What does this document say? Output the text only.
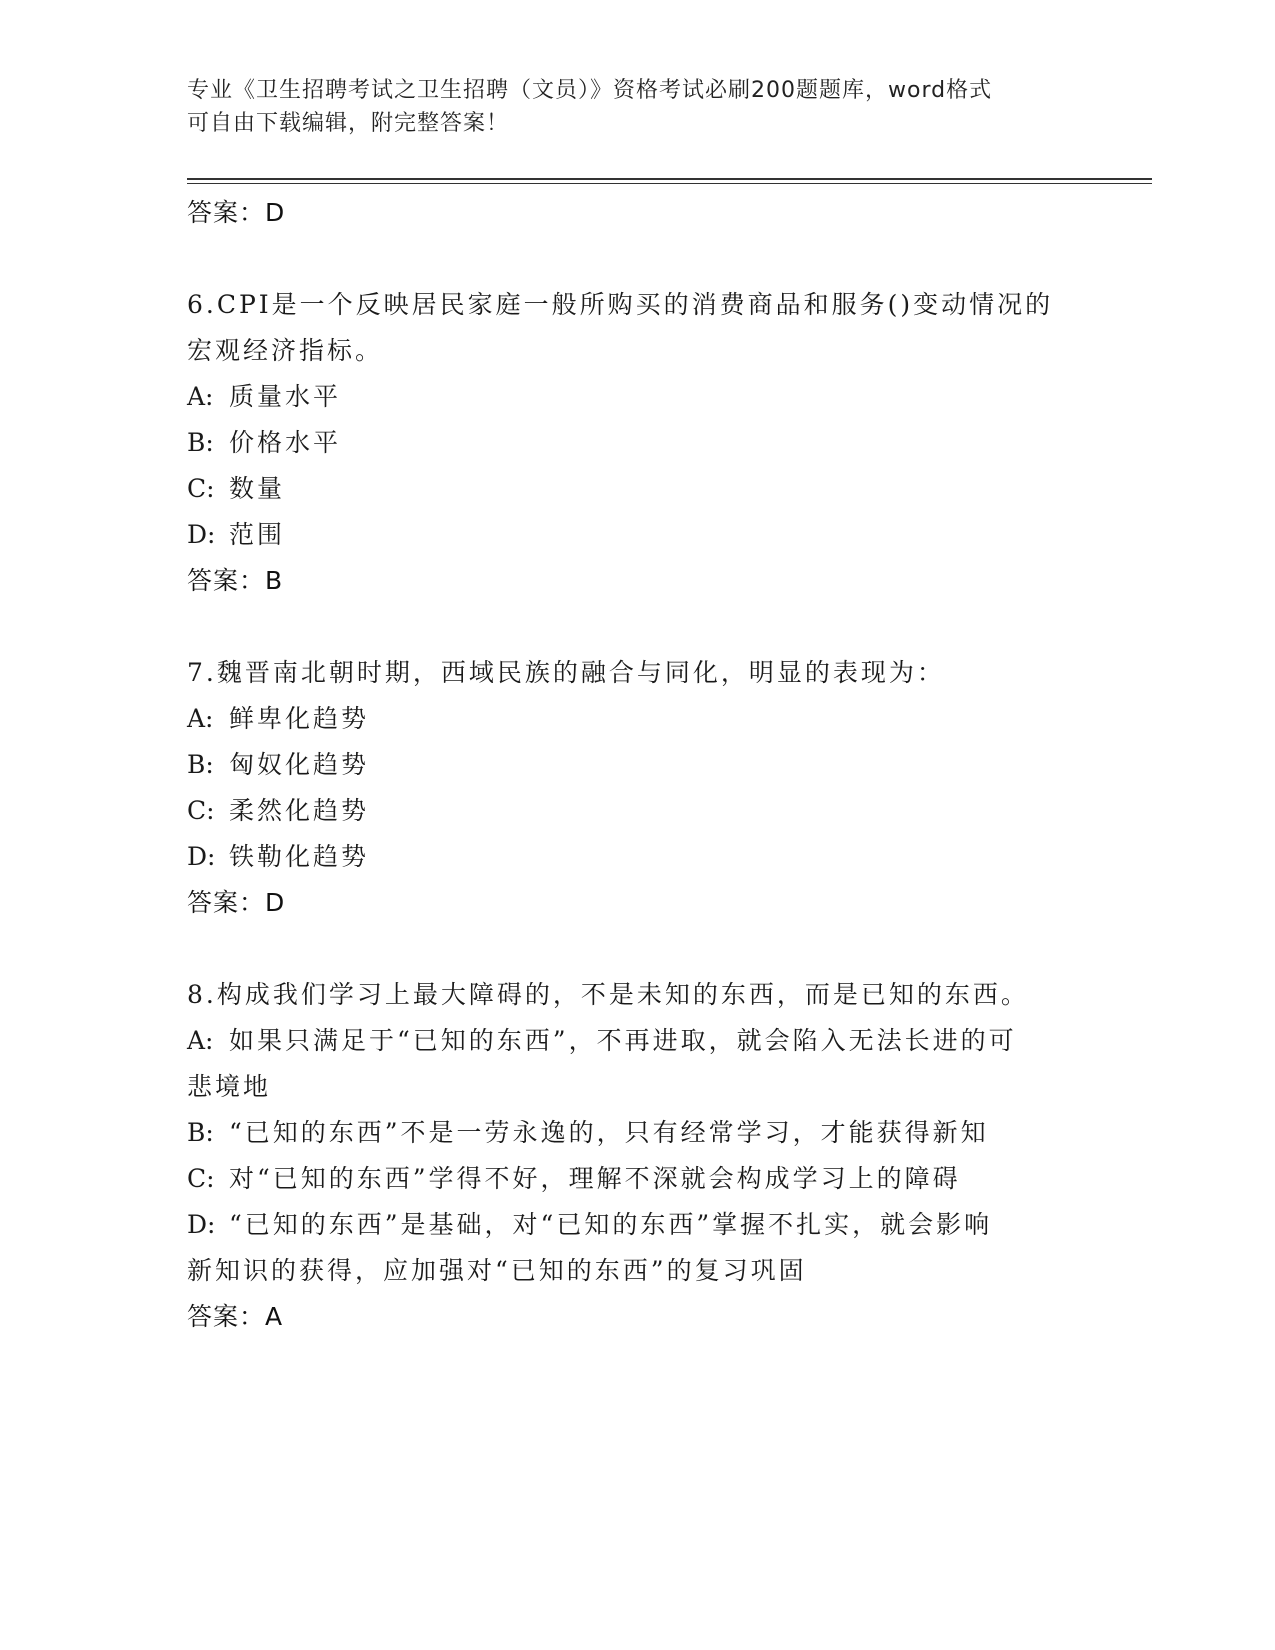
专业《卫生招聘考试之卫生招聘（文员）》资格考试必刷200题题库，word格式
可自由下载编辑，附完整答案！
答案：D
6.CPI是一个反映居民家庭一般所购买的消费商品和服务()变动情况的
宏观经济指标。
A: 质量水平
B: 价格水平
C: 数量
D: 范围
答案：B
7.魏晋南北朝时期，西域民族的融合与同化，明显的表现为：
A: 鲜卑化趋势
B: 匈奴化趋势
C: 柔然化趋势
D: 铁勒化趋势
答案：D
8.构成我们学习上最大障碍的，不是未知的东西，而是已知的东西。
A: 如果只满足于“已知的东西”，不再进取，就会陷入无法长进的可
悲境地
B: “已知的东西”不是一劳永逸的，只有经常学习，才能获得新知
C: 对“已知的东西”学得不好，理解不深就会构成学习上的障碍
D: “已知的东西”是基础，对“已知的东西”掌握不扎实，就会影响
新知识的获得，应加强对“已知的东西”的复习巩固
答案：A
